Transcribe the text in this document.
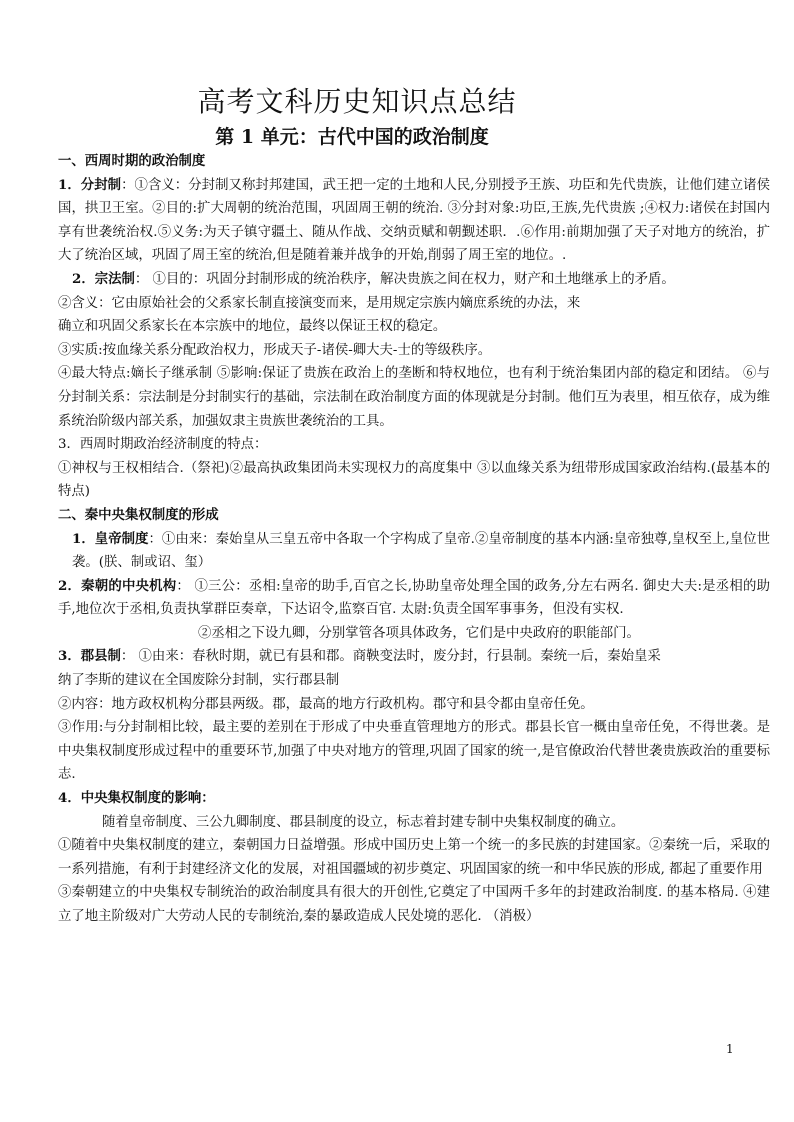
高考文科历史知识点总结
第 1 单元：古代中国的政治制度

一、西周时期的政治制度

1．分封制：①含义：分封制又称封邦建国，武王把一定的土地和人民,分别授予王族、功臣和先代贵族，让他们建立诸侯国，拱卫王室。②目的:扩大周朝的统治范围，巩固周王朝的统治. ③分封对象:功臣,王族,先代贵族 ;④权力:诸侯在封国内享有世袭统治权.⑤义务:为天子镇守疆土、随从作战、交纳贡赋和朝觐述职．.⑥作用:前期加强了天子对地方的统治，扩大了统治区域，巩固了周王室的统治,但是随着兼并战争的开始,削弱了周王室的地位。.

2．宗法制： ①目的：巩固分封制形成的统治秩序，解决贵族之间在权力，财产和土地继承上的矛盾。

②含义：它由原始社会的父系家长制直接演变而来，是用规定宗族内嫡庶系统的办法，来

确立和巩固父系家长在本宗族中的地位，最终以保证王权的稳定。

③实质:按血缘关系分配政治权力，形成天子-诸侯-卿大夫-士的等级秩序。

④最大特点:嫡长子继承制 ⑤影响:保证了贵族在政治上的垄断和特权地位，也有利于统治集团内部的稳定和团结。 ⑥与分封制关系：宗法制是分封制实行的基础，宗法制在政治制度方面的体现就是分封制。他们互为表里，相互依存，成为维系统治阶级内部关系，加强奴隶主贵族世袭统治的工具。

3．西周时期政治经济制度的特点：

①神权与王权相结合.（祭祀)②最高执政集团尚未实现权力的高度集中 ③以血缘关系为纽带形成国家政治结构.(最基本的特点)

二、秦中央集权制度的形成

1．皇帝制度：①由来：秦始皇从三皇五帝中各取一个字构成了皇帝.②皇帝制度的基本内涵:皇帝独尊,皇权至上,皇位世袭。(朕、制或诏、玺）

2．秦朝的中央机构： ①三公：丞相:皇帝的助手,百官之长,协助皇帝处理全国的政务,分左右两名. 御史大夫:是丞相的助手,地位次于丞相,负责执掌群臣奏章，下达诏令,监察百官. 太尉:负责全国军事事务，但没有实权.

②丞相之下设九卿，分别掌管各项具体政务，它们是中央政府的职能部门。

3．郡县制： ①由来：春秋时期，就已有县和郡。商鞅变法时，废分封，行县制。秦统一后，秦始皇采

纳了李斯的建议在全国废除分封制，实行郡县制

②内容：地方政权机构分郡县两级。郡，最高的地方行政机构。郡守和县令都由皇帝任免。

③作用:与分封制相比较，最主要的差别在于形成了中央垂直管理地方的形式。郡县长官一概由皇帝任免，不得世袭。是中央集权制度形成过程中的重要环节,加强了中央对地方的管理,巩固了国家的统一,是官僚政治代替世袭贵族政治的重要标志.

4．中央集权制度的影响：

随着皇帝制度、三公九卿制度、郡县制度的设立，标志着封建专制中央集权制度的确立。

①随着中央集权制度的建立，秦朝国力日益增强。形成中国历史上第一个统一的多民族的封建国家。②秦统一后，采取的一系列措施，有利于封建经济文化的发展，对祖国疆域的初步奠定、巩固国家的统一和中华民族的形成, 都起了重要作用

③秦朝建立的中央集权专制统治的政治制度具有很大的开创性,它奠定了中国两千多年的封建政治制度. 的基本格局. ④建立了地主阶级对广大劳动人民的专制统治,秦的暴政造成人民处境的恶化. （消极）

1
